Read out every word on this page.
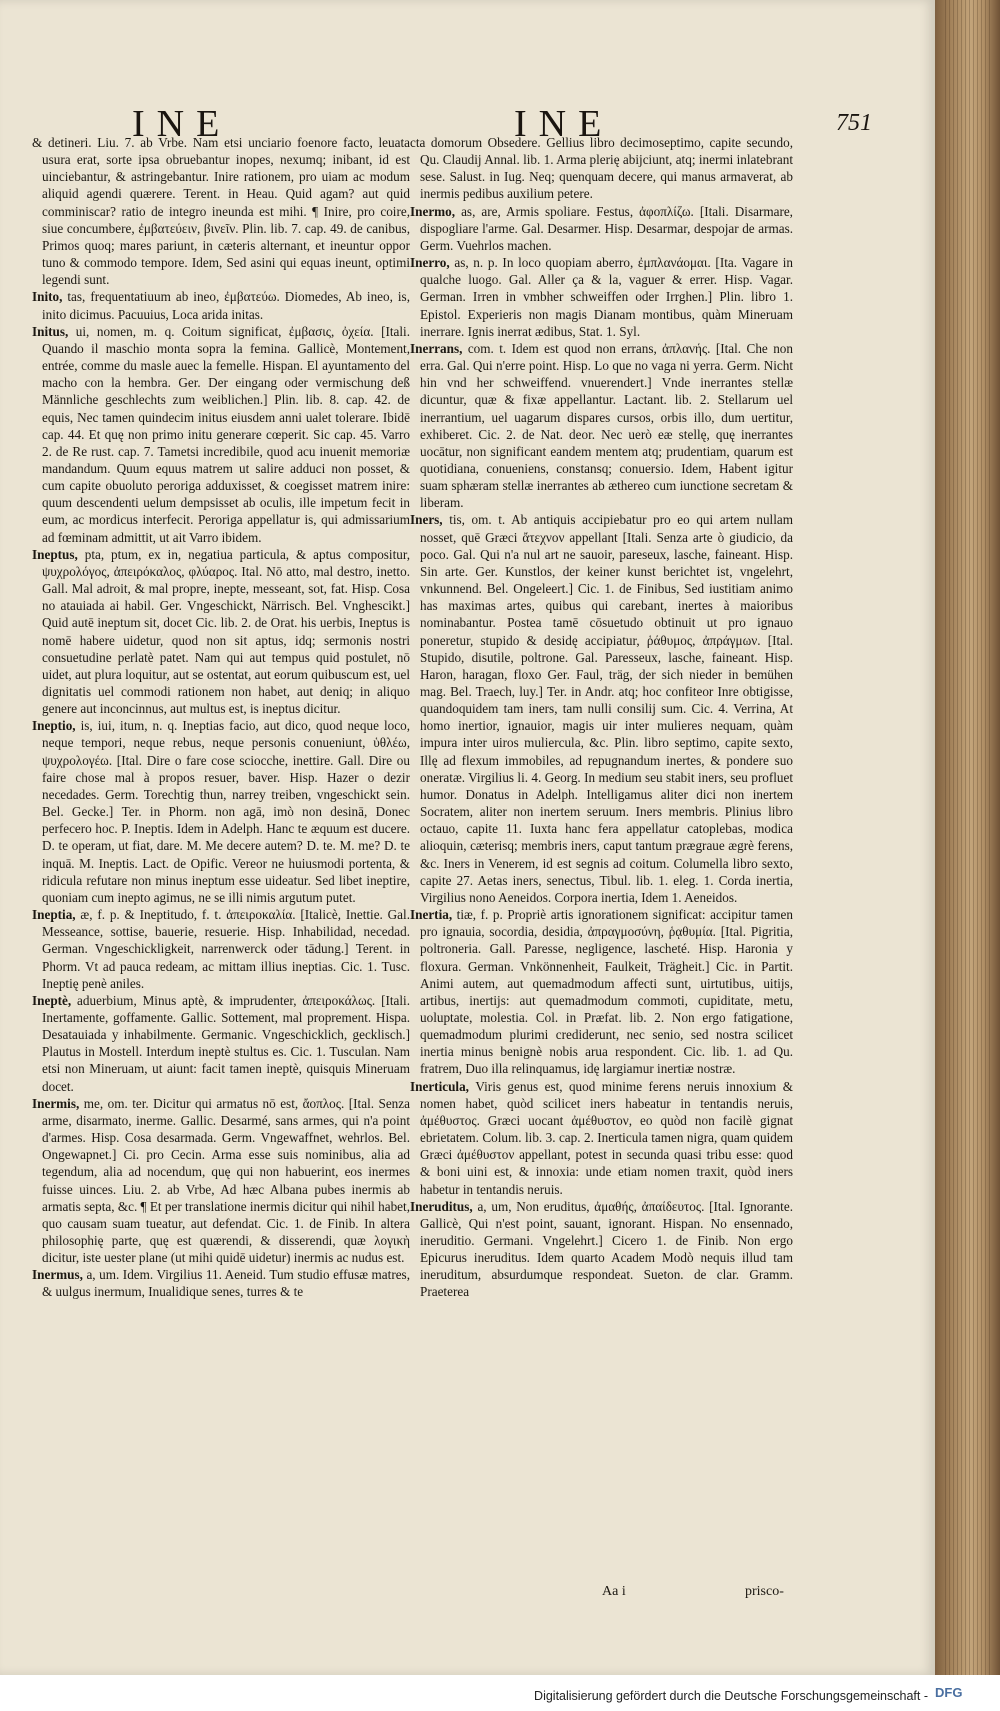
INE	INE	751
& detineri. Liu. 7. ab Vrbe. Nam etsi unciario foenore facto, leuata usura erat, sorte ipsa obruebantur inopes, nexumq; inibant, id est uinciebantur, & astringebantur. Inire rationem, pro uiam ac modum aliquid agendi quærere. Terent. in Heau. Quid agam? aut quid comminiscar? ratio de integro ineunda est mihi. ¶ Inire, pro coire, siue concumbere, ἐμβατεύειν, βινεῖν. Plin. lib. 7. cap. 49. de canibus, Primos quoq; mares pariunt, in cæteris alternant, et ineuntur oppor tuno & commodo tempore. Idem, Sed asini qui equas ineunt, optimi legendi sunt.
Inito, tas, frequentatiuum ab ineo, ἐμβατεύω. Diomedes, Ab ineo, is, inito dicimus. Pacuuius, Loca arida initas.
Initus, ui, nomen, m. q. Coitum significat, ἐμβασις, ὀχεία. [Itali. Quando il maschio monta sopra la femina. Gallicè, Montement, entrée, comme du masle auec la femelle. Hispan. El ayuntamento del macho con la hembra. Ger. Der eingang oder vermischung deß Männliche geschlechts zum weiblichen.] Plin. lib. 8. cap. 42. de equis, Nec tamen quindecim initus eiusdem anni ualet tolerare. Ibidē cap. 44. Et quę non primo initu generare cœperit. Sic cap. 45. Varro 2. de Re rust. cap. 7. Tametsi incredibile, quod acu inuenit memoriæ mandandum. Quum equus matrem ut salire adduci non posset, & cum capite obuoluto peroriga adduxisset, & coegisset matrem inire: quum descendenti uelum dempsisset ab oculis, ille impetum fecit in eum, ac mordicus interfecit. Peroriga appellatur is, qui admissarium ad fœminam admittit, ut ait Varro ibidem.
Ineptus, pta, ptum, ex in, negatiua particula, & aptus compositur, ψυχρολόγος, ἀπειρόκαλος, φλύαρος. Ital. Nō atto, mal destro, inetto. Gall. Mal adroit, & mal propre, inepte, messeant, sot, fat. Hisp. Cosa no atauiada ai habil. Ger. Vngeschickt, Närrisch. Bel. Vnghescikt.] Quid autē ineptum sit, docet Cic. lib. 2. de Orat. his uerbis, Ineptus is nomē habere uidetur, quod non sit aptus, idq; sermonis nostri consuetudine perlatè patet. Nam qui aut tempus quid postulet, nō uidet, aut plura loquitur, aut se ostentat, aut eorum quibuscum est, uel dignitatis uel commodi rationem non habet, aut deniq; in aliquo genere aut inconcinnus, aut multus est, is ineptus dicitur.
Ineptio, is, iui, itum, n. q. Ineptias facio, aut dico, quod neque loco, neque tempori, neque rebus, neque personis conueniunt, ὑθλέω, ψυχρολογέω. [Ital. Dire o fare cose sciocche, inettire. Gall. Dire ou faire chose mal à propos resuer, baver. Hisp. Hazer o dezir necedades. Germ. Torechtig thun, narrey treiben, vngeschickt sein. Bel. Gecke.] Ter. in Phorm. non agā, imò non desinā, Donec perfecero hoc. P. Ineptis. Idem in Adelph. Hanc te æquum est ducere. D. te operam, ut fiat, dare. M. Me decere autem? D. te. M. me? D. te inquā. M. Ineptis. Lact. de Opific. Vereor ne huiusmodi portenta, & ridicula refutare non minus ineptum esse uideatur. Sed libet ineptire, quoniam cum inepto agimus, ne se illi nimis argutum putet.
Ineptia, æ, f. p. & Ineptitudo, f. t. ἀπειροκαλία. [Italicè, Inettie. Gal. Messeance, sottise, bauerie, resuerie. Hisp. Inhabilidad, necedad. German. Vngeschickligkeit, narrenwerck oder tādung.] Terent. in Phorm. Vt ad pauca redeam, ac mittam illius ineptias. Cic. 1. Tusc. Ineptię penè aniles.
Ineptè, aduerbium, Minus aptè, & imprudenter, ἀπειροκάλως. [Itali. Inertamente, goffamente. Gallic. Sottement, mal proprement. Hispa. Desatauiada y inhabilmente. Germanic. Vngeschicklich, gecklisch.] Plautus in Mostell. Interdum ineptè stultus es. Cic. 1. Tusculan. Nam etsi non Mineruam, ut aiunt: facit tamen ineptè, quisquis Mineruam docet.
Inermis, me, om. ter. Dicitur qui armatus nō est, ἄοπλος. [Ital. Senza arme, disarmato, inerme. Gallic. Desarmé, sans armes, qui n'a point d'armes. Hisp. Cosa desarmada. Germ. Vngewaffnet, wehrlos. Bel. Ongewapnet.] Ci. pro Cecin. Arma esse suis nominibus, alia ad tegendum, alia ad nocendum, quę qui non habuerint, eos inermes fuisse uinces. Liu. 2. ab Vrbe, Ad hæc Albana pubes inermis ab armatis septa, &c. ¶ Et per translatione inermis dicitur qui nihil habet, quo causam suam tueatur, aut defendat. Cic. 1. de Finib. In altera philosophię parte, quę est quærendi, & disserendi, quæ λογικὴ dicitur, iste uester plane (ut mihi quidē uidetur) inermis ac nudus est.
Inermus, a, um. Idem. Virgilius 11. Aeneid. Tum studio effusæ matres, & uulgus inermum, Inualidique senes, turres & te
cta domorum Obsedere. Gellius libro decimoseptimo, capite secundo, Qu. Claudij Annal. lib. 1. Arma plerię abijciunt, atq; inermi inlatebrant sese. Salust. in Iug. Neq; quenquam decere, qui manus armaverat, ab inermis pedibus auxilium petere.
Inermo, as, are, Armis spoliare. Festus, ἀφοπλίζω. [Itali. Disarmare, dispogliare l'arme. Gal. Desarmer. Hisp. Desarmar, despojar de armas. Germ. Vuehrlos machen.
Inerro, as, n. p. In loco quopiam aberro, ἐμπλανάομαι. [Ita. Vagare in qualche luogo. Gal. Aller ça & la, vaguer & errer. Hisp. Vagar. German. Irren in vmbher schweiffen oder Irrghen.] Plin. libro 1. Epistol. Experieris non magis Dianam montibus, quàm Mineruam inerrare. Ignis inerrat ædibus, Stat. 1. Syl.
Inerrans, com. t. Idem est quod non errans, ἀπλανής. [Ital. Che non erra. Gal. Qui n'erre point. Hisp. Lo que no vaga ni yerra. Germ. Nicht hin vnd her schweiffend. vnuerendert.] Vnde inerrantes stellæ dicuntur, quæ & fixæ appellantur. Lactant. lib. 2. Stellarum uel inerrantium, uel uagarum dispares cursos, orbis illo, dum uertitur, exhiberet. Cic. 2. de Nat. deor. Nec uerò eæ stellę, quę inerrantes uocātur, non significant eandem mentem atq; prudentiam, quarum est quotidiana, conueniens, constansq; conuersio. Idem, Habent igitur suam sphæram stellæ inerrantes ab æthereo cum iunctione secretam & liberam.
Iners, tis, om. t. Ab antiquis accipiebatur pro eo qui artem nullam nosset, quē Græci ἄτεχνον appellant [Itali. Senza arte ò giudicio, da poco. Gal. Qui n'a nul art ne sauoir, pareseux, lasche, faineant. Hisp. Sin arte. Ger. Kunstlos, der keiner kunst berichtet ist, vngelehrt, vnkunnend. Bel. Ongeleert.] Cic. 1. de Finibus, Sed iustitiam animo has maximas artes, quibus qui carebant, inertes à maioribus nominabantur. Postea tamē cōsuetudo obtinuit ut pro ignauo poneretur, stupido & desidę accipiatur, ῥάθυμος, ἀπράγμων. [Ital. Stupido, disutile, poltrone. Gal. Paresseux, lasche, faineant. Hisp. Haron, haragan, floxo Ger. Faul, träg, der sich nieder in bemühen mag. Bel. Traech, luy.] Ter. in Andr. atq; hoc confiteor Inre obtigisse, quandoquidem tam iners, tam nulli consilij sum. Cic. 4. Verrina, At homo inertior, ignauior, magis uir inter mulieres nequam, quàm impura inter uiros muliercula, &c. Plin. libro septimo, capite sexto, Illę ad flexum immobiles, ad repugnandum inertes, & pondere suo oneratæ. Virgilius li. 4. Georg. In medium seu stabit iners, seu profluet humor. Donatus in Adelph. Intelligamus aliter dici non inertem Socratem, aliter non inertem seruum. Iners membris. Plinius libro octauo, capite 11. Iuxta hanc fera appellatur catoplebas, modica alioquin, cæterisq; membris iners, caput tantum prægraue ægrè ferens, &c. Iners in Venerem, id est segnis ad coitum. Columella libro sexto, capite 27. Aetas iners, senectus, Tibul. lib. 1. eleg. 1. Corda inertia, Virgilius nono Aeneidos. Corpora inertia, Idem 1. Aeneidos.
Inertia, tiæ, f. p. Propriè artis ignorationem significat: accipitur tamen pro ignauia, socordia, desidia, ἀπραγμοσύνη, ῥᾳθυμία. [Ital. Pigritia, poltroneria. Gall. Paresse, negligence, lascheté. Hisp. Haronia y floxura. German. Vnkönnenheit, Faulkeit, Trägheit.] Cic. in Partit. Animi autem, aut quemadmodum affecti sunt, uirtutibus, uitijs, artibus, inertijs: aut quemadmodum commoti, cupiditate, metu, uoluptate, molestia. Col. in Præfat. lib. 2. Non ergo fatigatione, quemadmodum plurimi crediderunt, nec senio, sed nostra scilicet inertia minus benignè nobis arua respondent. Cic. lib. 1. ad Qu. fratrem, Duo illa relinquamus, idę largiamur inertiæ nostræ.
Inerticula, Viris genus est, quod minime ferens neruis innoxium & nomen habet, quòd scilicet iners habeatur in tentandis neruis, ἀμέθυστος. Græci uocant ἀμέθυστον, eo quòd non facilè gignat ebrietatem. Colum. lib. 3. cap. 2. Inerticula tamen nigra, quam quidem Græci ἀμέθυστον appellant, potest in secunda quasi tribu esse: quod & boni uini est, & innoxia: unde etiam nomen traxit, quòd iners habetur in tentandis neruis.
Ineruditus, a, um, Non eruditus, ἀμαθής, ἀπαίδευτος. [Ital. Ignorante. Gallicè, Qui n'est point, sauant, ignorant. Hispan. No ensennado, ineruditio. Germani. Vngelehrt.] Cicero 1. de Finib. Non ergo Epicurus ineruditus. Idem quarto Academ Modò nequis illud tam ineruditum, absurdumque respondeat. Sueton. de clar. Gramm. Praeterea
Aa i	prisco-
Digitalisierung gefördert durch die Deutsche Forschungsgemeinschaft - DFG
